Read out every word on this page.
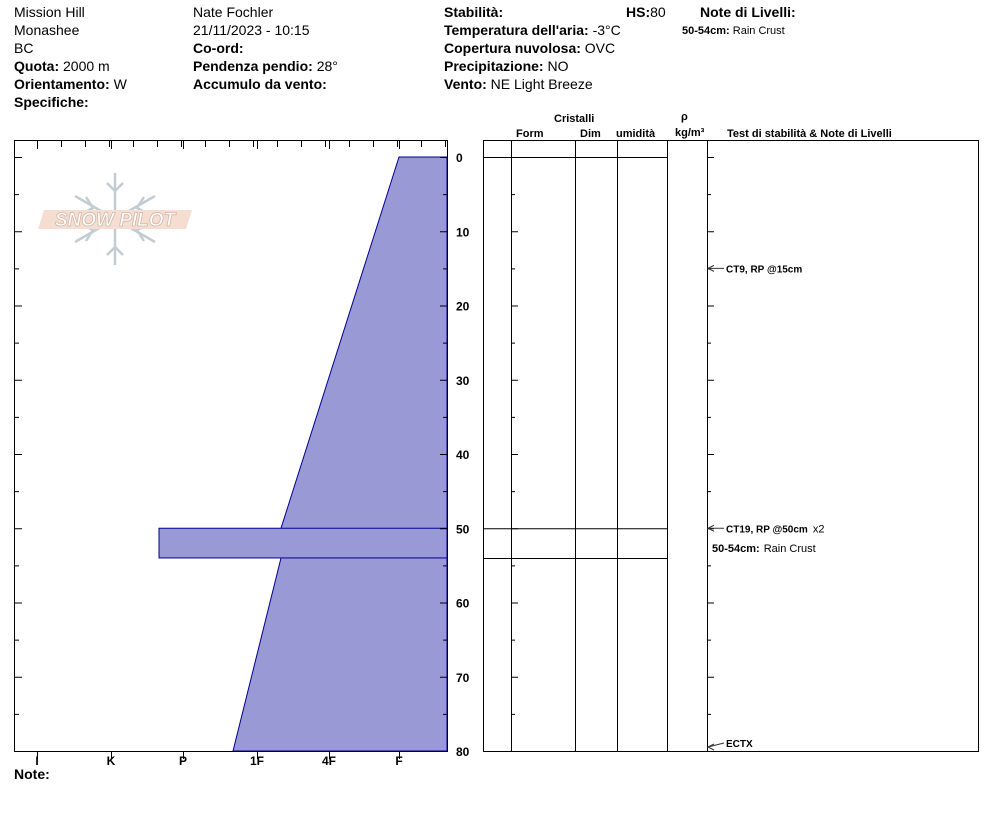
Mission Hill
Monashee
BC
Quota: 2000 m
Orientamento: W
Specifiche:
Nate Fochler
21/11/2023 - 10:15
Co-ord:
Pendenza pendio: 28°
Accumulo da vento:
Stabilità:	HS:80
Temperatura dell'aria: -3°C
Copertura nuvolosa: OVC
Precipitazione: NO
Vento: NE Light Breeze
Note di Livelli:
50-54cm: Rain Crust
Cristalli
Form	Dim umidità
ρ
kg/m³ Test di stabilità & Note di Livelli
SNOW PILOT
I	K	P	1F	4F	F
0
10
20
30
40
50
60
70
80
CT9, RP @15cm
CT19, RP @50cm x2
ECTX
50-54cm: Rain Crust
Note:
